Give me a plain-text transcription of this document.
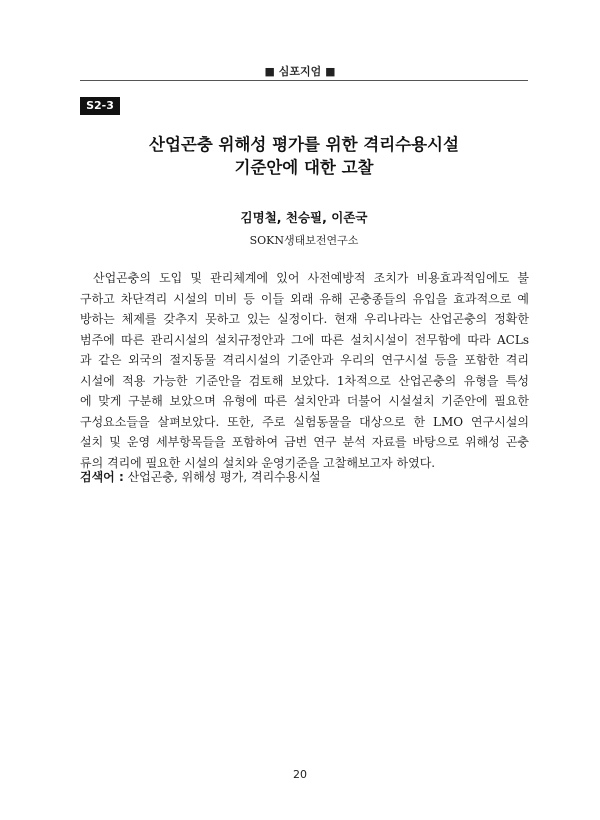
■ 심포지엄 ■
S2-3
산업곤충 위해성 평가를 위한 격리수용시설
기준안에 대한 고찰
김명철, 천승필, 이존국
SOKN생태보전연구소
산업곤충의 도입 및 관리체계에 있어 사전예방적 조치가 비용효과적임에도 불
구하고 차단격리 시설의 미비 등 이들 외래 유해 곤충종들의 유입을 효과적으로 예
방하는 체제를 갖추지 못하고 있는 실정이다. 현재 우리나라는 산업곤충의 정확한
범주에 따른 관리시설의 설치규정안과 그에 따른 설치시설이 전무함에 따라 ACLs
과 같은 외국의 절지동물 격리시설의 기준안과 우리의 연구시설 등을 포함한 격리
시설에 적용 가능한 기준안을 검토해 보았다. 1차적으로 산업곤충의 유형을 특성
에 맞게 구분해 보았으며 유형에 따른 설치안과 더불어 시설설치 기준안에 필요한
구성요소들을 살펴보았다. 또한, 주로 실험동물을 대상으로 한 LMO 연구시설의
설치 및 운영 세부항목들을 포함하여 금번 연구 분석 자료를 바탕으로 위해성 곤충
류의 격리에 필요한 시설의 설치와 운영기준을 고찰해보고자 하였다.
검색어 : 산업곤충, 위해성 평가, 격리수용시설
20
